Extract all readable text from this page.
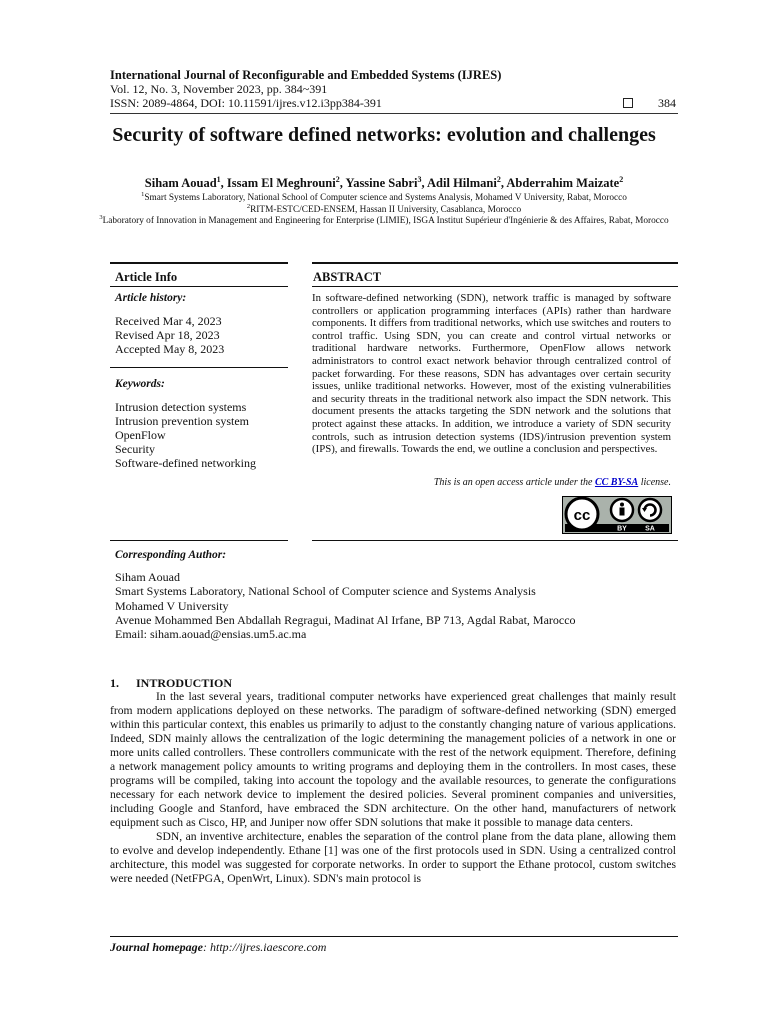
International Journal of Reconfigurable and Embedded Systems (IJRES)
Vol. 12, No. 3, November 2023, pp. 384~391
ISSN: 2089-4864, DOI: 10.11591/ijres.v12.i3pp384-391	384
Security of software defined networks: evolution and challenges
Siham Aouad$^1$, Issam El Meghrouni$^2$, Yassine Sabri$^3$, Adil Hilmani$^2$, Abderrahim Maizate$^2$
$^1$Smart Systems Laboratory, National School of Computer science and Systems Analysis, Mohamed V University, Rabat, Morocco
$^2$RITM-ESTC/CED-ENSEM, Hassan II University, Casablanca, Morocco
$^3$Laboratory of Innovation in Management and Engineering for Enterprise (LIMIE), ISGA Institut Supérieur d'Ingénierie & des Affaires, Rabat, Morocco
Article Info
Article history:
Received Mar 4, 2023
Revised Apr 18, 2023
Accepted May 8, 2023
Keywords:
Intrusion detection systems
Intrusion prevention system
OpenFlow
Security
Software-defined networking
ABSTRACT
In software-defined networking (SDN), network traffic is managed by software controllers or application programming interfaces (APIs) rather than hardware components. It differs from traditional networks, which use switches and routers to control traffic. Using SDN, you can create and control virtual networks or traditional hardware networks. Furthermore, OpenFlow allows network administrators to control exact network behavior through centralized control of packet forwarding. For these reasons, SDN has advantages over certain security issues, unlike traditional networks. However, most of the existing vulnerabilities and security threats in the traditional network also impact the SDN network. This document presents the attacks targeting the SDN network and the solutions that protect against these attacks. In addition, we introduce a variety of SDN security controls, such as intrusion detection systems (IDS)/intrusion prevention system (IPS), and firewalls. Towards the end, we outline a conclusion and perspectives.
This is an open access article under the CC BY-SA license.
cc
BY	SA
Corresponding Author:
Siham Aouad
Smart Systems Laboratory, National School of Computer science and Systems Analysis
Mohamed V University
Avenue Mohammed Ben Abdallah Regragui, Madinat Al Irfane, BP 713, Agdal Rabat, Marocco
Email: siham.aouad@ensias.um5.ac.ma
1. INTRODUCTION

In the last several years, traditional computer networks have experienced great challenges that mainly result from modern applications deployed on these networks. The paradigm of software-defined networking (SDN) emerged within this particular context, this enables us primarily to adjust to the constantly changing nature of various applications. Indeed, SDN mainly allows the centralization of the logic determining the management policies of a network in one or more units called controllers. These controllers communicate with the rest of the network equipment. Therefore, defining a network management policy amounts to writing programs and deploying them in the controllers. In most cases, these programs will be compiled, taking into account the topology and the available resources, to generate the configurations necessary for each network device to implement the desired policies. Several prominent companies and universities, including Google and Stanford, have embraced the SDN architecture. On the other hand, manufacturers of network equipment such as Cisco, HP, and Juniper now offer SDN solutions that make it possible to manage data centers.

SDN, an inventive architecture, enables the separation of the control plane from the data plane, allowing them to evolve and develop independently. Ethane [1] was one of the first protocols used in SDN. Using a centralized control architecture, this model was suggested for corporate networks. In order to support the Ethane protocol, custom switches were needed (NetFPGA, OpenWrt, Linux). SDN's main protocol is

Journal homepage: http://ijres.iaescore.com
